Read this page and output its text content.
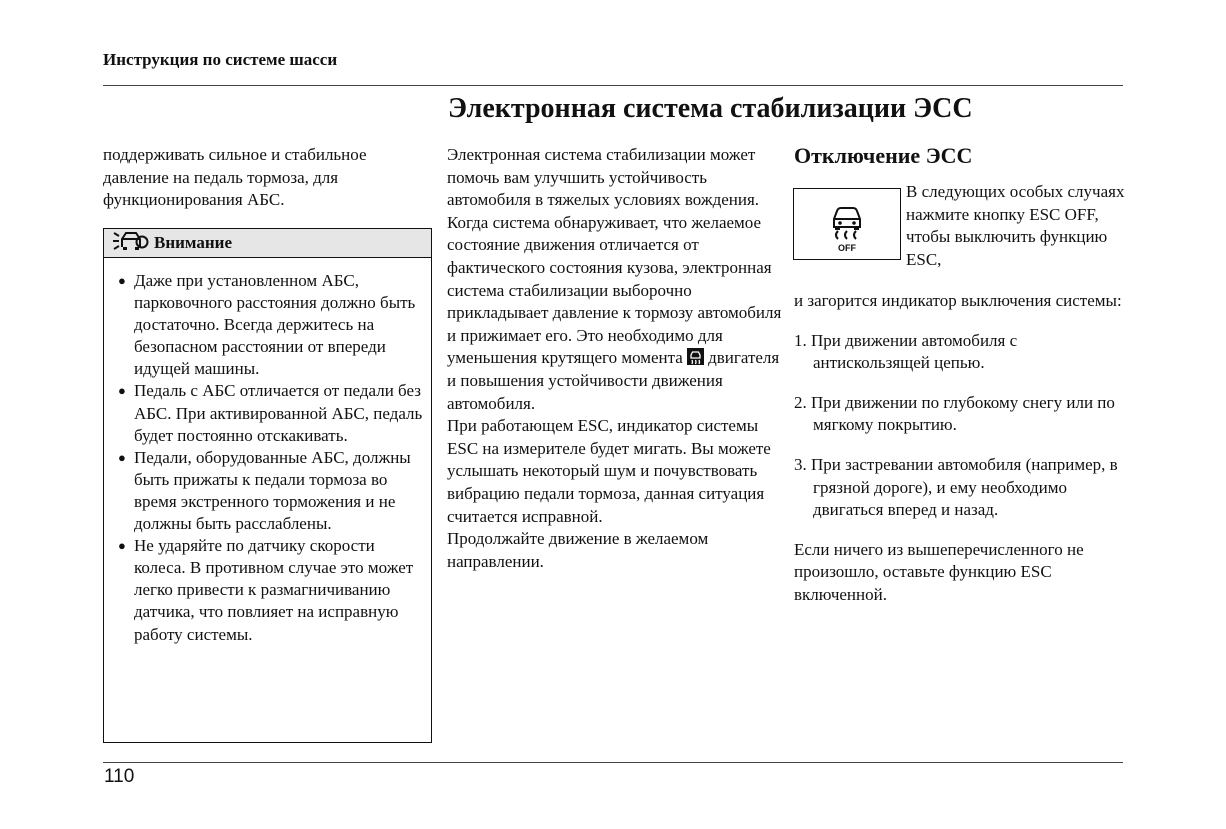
Инструкция по системе шасси
Электронная система стабилизации ЭСС
поддерживать сильное и стабильное давление на педаль тормоза, для функционирования АБС.
Внимание
● Даже при установленном АБС, парковочного расстояния должно быть достаточно. Всегда держитесь на безопасном расстоянии от впереди идущей машины.
● Педаль с АБС отличается от педали без АБС. При активированной АБС, педаль будет постоянно отскакивать.
● Педали, оборудованные АБС, должны быть прижаты к педали тормоза во время экстренного торможения и не должны быть расслаблены.
● Не ударяйте по датчику скорости колеса. В противном случае это может легко привести к размагничиванию датчика, что повлияет на исправную работу системы.

Электронная система стабилизации может помочь вам улучшить устойчивость автомобиля в тяжелых условиях вождения. Когда система обнаруживает, что желаемое состояние движения отличается от фактического состояния кузова, электронная система стабилизации выборочно прикладывает давление к тормозу автомобиля и прижимает его. Это необходимо для уменьшения крутящего момента двигателя и повышения устойчивости движения автомобиля.

При работающем ESC, индикатор системы ESC на измерителе будет мигать. Вы можете услышать некоторый шум и почувствовать вибрацию педали тормоза, данная ситуация считается исправной.

Продолжайте движение в желаемом направлении.

Отключение ЭСС
OFF
В следующих особых случаях нажмите кнопку ESC OFF, чтобы выключить функцию ESC,

и загорится индикатор выключения системы:

1. При движении автомобиля с антискользящей цепью.

2. При движении по глубокому снегу или по мягкому покрытию.

3. При застревании автомобиля (например, в грязной дороге), и ему необходимо двигаться вперед и назад.

Если ничего из вышеперечисленного не произошло, оставьте функцию ESC включенной.

110
